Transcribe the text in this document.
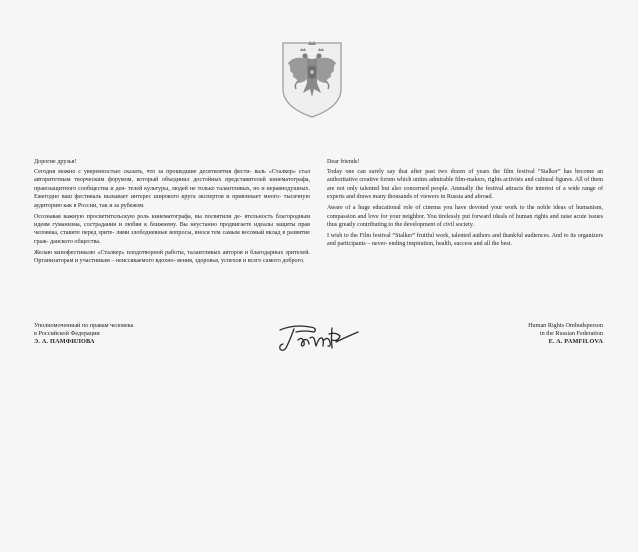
Дорогие друзья!

Сегодня можно с уверенностью сказать, что за прошедшие десятилетия фести- валь «Сталкер» стал авторитетным творческим форумом, который объединил достойных представителей кинематографа, правозащитного сообщества и дея- телей культуры, людей не только талантливых, но и неравнодушных. Ежегодно ваш фестиваль вызывает интерес широкого круга экспертов и привлекает много- тысячную аудиторию как в России, так и за рубежом.

Осознавая важную просветительскую роль кинематографа, вы посвятили де- ятельность благородным идеям гуманизма, сострадания и любви к ближнему. Вы неустанно продвигаете идеалы защиты прав человека, ставите перед зрите- лями злободневные вопросы, внося тем самым весомый вклад в развитие граж- данского общества.

Желаю кинофестивалю «Сталкер» плодотворной работы, талантливых авторов и благодарных зрителей. Организаторам и участникам – неиссякаемого вдохно- вения, здоровья, успехов и всего самого доброго.

Dear friends!

Today one can surely say that after past two dozen of years the film festival “Stalker” has become an authoritative creative forum which unites admirable film-makers, rights activists and cultural figures. All of them are not only talented but also concerned people. Annually the festival attracts the interest of a wide range of experts and draws many thousands of viewers in Russia and abroad.

Aware of a huge educational role of cinema you have devoted your work to the noble ideas of humanism, compassion and love for your neighbor. You tirelessly put forward ideals of human rights and raise acute issues thus greatly contributing to the development of civil society.

I wish to the Film festival “Stalker” fruitful work, talented authors and thankful audiences. And to its organizers and participants – never- ending inspiration, health, success and all the best.

Уполномоченный по правам человека
в Российской Федерации
Э. А. ПАМФИЛОВА
Human Rights Ombudsperson
in the Russian Federation
E. A. PAMFILOVA
